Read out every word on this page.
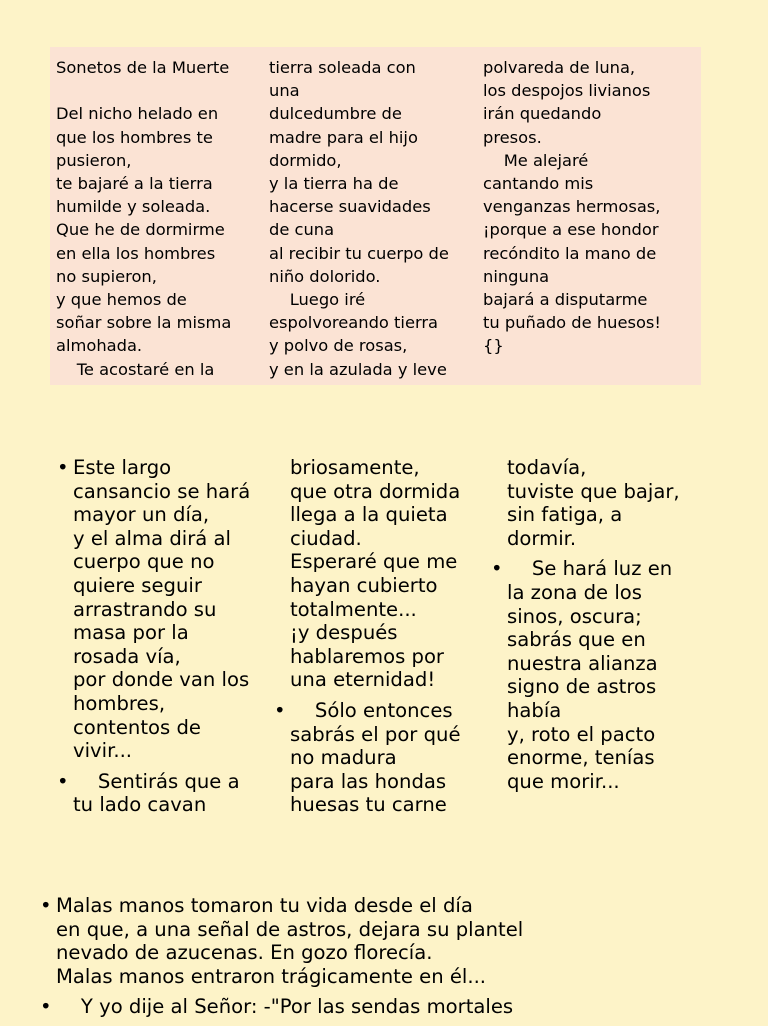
Sonetos de la Muerte

Del nicho helado en
que los hombres te
pusieron,
te bajaré a la tierra
humilde y soleada.
Que he de dormirme
en ella los hombres
no supieron,
y que hemos de
soñar sobre la misma
almohada.
Te acostaré en la
tierra soleada con
una
dulcedumbre de
madre para el hijo
dormido,
y la tierra ha de
hacerse suavidades
de cuna
al recibir tu cuerpo de
niño dolorido.
Luego iré
espolvoreando tierra
y polvo de rosas,
y en la azulada y leve
polvareda de luna,
los despojos livianos
irán quedando
presos.
Me alejaré
cantando mis
venganzas hermosas,
¡porque a ese hondor
recóndito la mano de
ninguna
bajará a disputarme
tu puñado de huesos!
{}
• Este largo
cansancio se hará
mayor un día,
y el alma dirá al
cuerpo que no
quiere seguir
arrastrando su
masa por la
rosada vía,
por donde van los
hombres,
contentos de
vivir...
• Sentirás que a
tu lado cavan
briosamente,
que otra dormida
llega a la quieta
ciudad.
Esperaré que me
hayan cubierto
totalmente...
¡y después
hablaremos por
una eternidad!
• Sólo entonces
sabrás el por qué
no madura
para las hondas
huesas tu carne
todavía,
tuviste que bajar,
sin fatiga, a
dormir.
• Se hará luz en
la zona de los
sinos, oscura;
sabrás que en
nuestra alianza
signo de astros
había
y, roto el pacto
enorme, tenías
que morir...
• Malas manos tomaron tu vida desde el día
en que, a una señal de astros, dejara su plantel
nevado de azucenas. En gozo florecía.
Malas manos entraron trágicamente en él...
• Y yo dije al Señor: -"Por las sendas mortales
